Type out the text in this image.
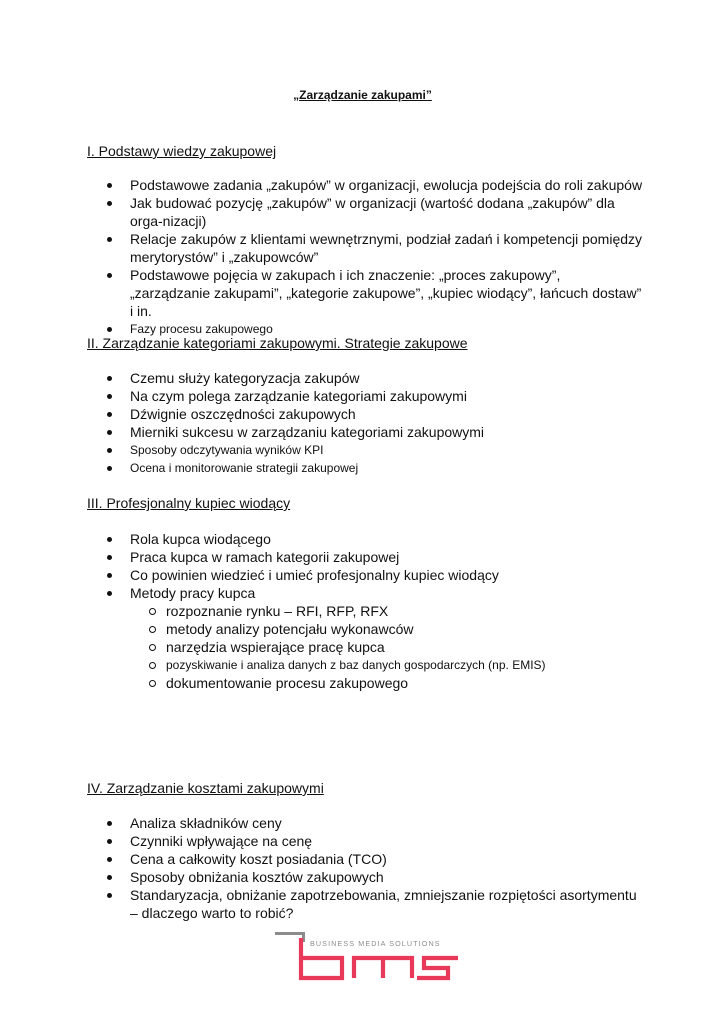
„Zarządzanie zakupami”
I. Podstawy wiedzy zakupowej
Podstawowe zadania „zakupów” w organizacji, ewolucja podejścia do roli zakupów
Jak budować pozycję „zakupów” w organizacji (wartość dodana „zakupów” dla orga-nizacji)
Relacje zakupów z klientami wewnętrznymi, podział zadań i kompetencji pomiędzy merytorystów” i „zakupowców”
Podstawowe pojęcia w zakupach i ich znaczenie: „proces zakupowy”, „zarządzanie zakupami”, „kategorie zakupowe”, „kupiec wiodący”, łańcuch dostaw” i in.
Fazy procesu zakupowego
II. Zarządzanie kategoriami zakupowymi. Strategie zakupowe
Czemu służy kategoryzacja zakupów
Na czym polega zarządzanie kategoriami zakupowymi
Dźwignie oszczędności zakupowych
Mierniki sukcesu w zarządzaniu kategoriami zakupowymi
Sposoby odczytywania wyników KPI
Ocena i monitorowanie strategii zakupowej
III. Profesjonalny kupiec wiodący
Rola kupca wiodącego
Praca kupca w ramach kategorii zakupowej
Co powinien wiedzieć i umieć profesjonalny kupiec wiodący
Metody pracy kupca
rozpoznanie rynku – RFI, RFP, RFX
metody analizy potencjału wykonawców
narzędzia wspierające pracę kupca
pozyskiwanie i analiza danych z baz danych gospodarczych (np. EMIS)
dokumentowanie procesu zakupowego
IV. Zarządzanie kosztami zakupowymi
Analiza składników ceny
Czynniki wpływające na cenę
Cena a całkowity koszt posiadania (TCO)
Sposoby obniżania kosztów zakupowych
Standaryzacja, obniżanie zapotrzebowania, zmniejszanie rozpiętości asortymentu – dlaczego warto to robić?
BUSINESS MEDIA SOLUTIONS
